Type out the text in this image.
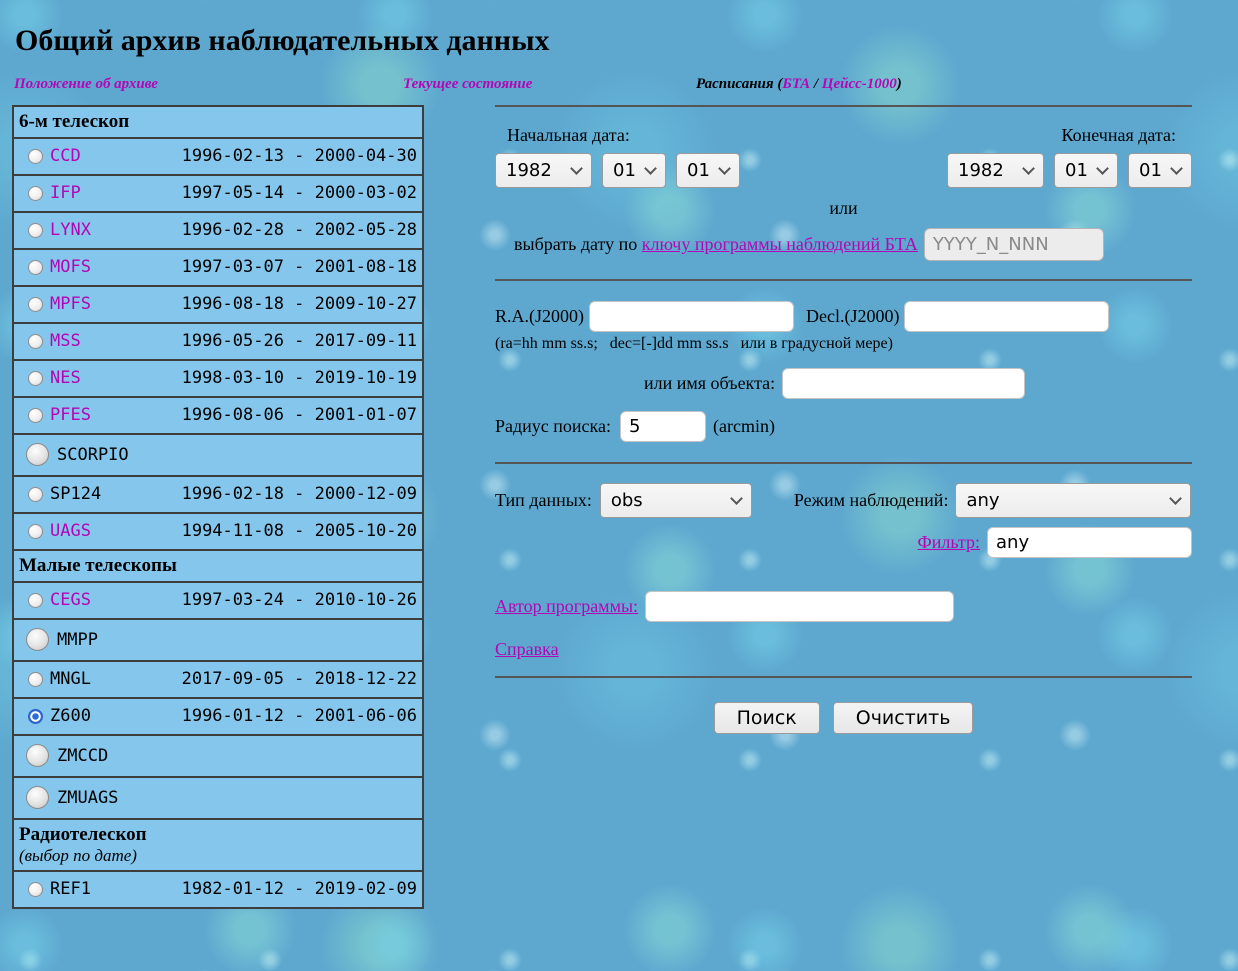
Общий архив наблюдательных данных
Положение об архиве	Текущее состояние	Расписания (БТА / Цейсс-1000)
6-м телескоп
CCD	1996-02-13 - 2000-04-30
IFP	1997-05-14 - 2000-03-02
LYNX	1996-02-28 - 2002-05-28
MOFS	1997-03-07 - 2001-08-18
MPFS	1996-08-18 - 2009-10-27
MSS	1996-05-26 - 2017-09-11
NES	1998-03-10 - 2019-10-19
PFES	1996-08-06 - 2001-01-07
SCORPIO
SP124	1996-02-18 - 2000-12-09
UAGS	1994-11-08 - 2005-10-20
Малые телескопы
CEGS	1997-03-24 - 2010-10-26
MMPP
MNGL	2017-09-05 - 2018-12-22
Z600	1996-01-12 - 2001-06-06
ZMCCD
ZMUAGS
Радиотелескоп
(выбор по дате)
REF1	1982-01-12 - 2019-02-09
Начальная дата:
1982	01	01
Конечная дата:
1982	01	01
или
выбрать дату по ключу программы наблюдений БТА
YYYY_N_NNN
R.A.(J2000)	Decl.(J2000)
(ra=hh mm ss.s;   dec=[-]dd mm ss.s   или в градусной мере)
или имя объекта:
Радиус поиска:
5	(arcmin)
Тип данных: obs	Режим наблюдений: any
Фильтр:
any
Автор программы:
Справка
Поиск	Очистить
